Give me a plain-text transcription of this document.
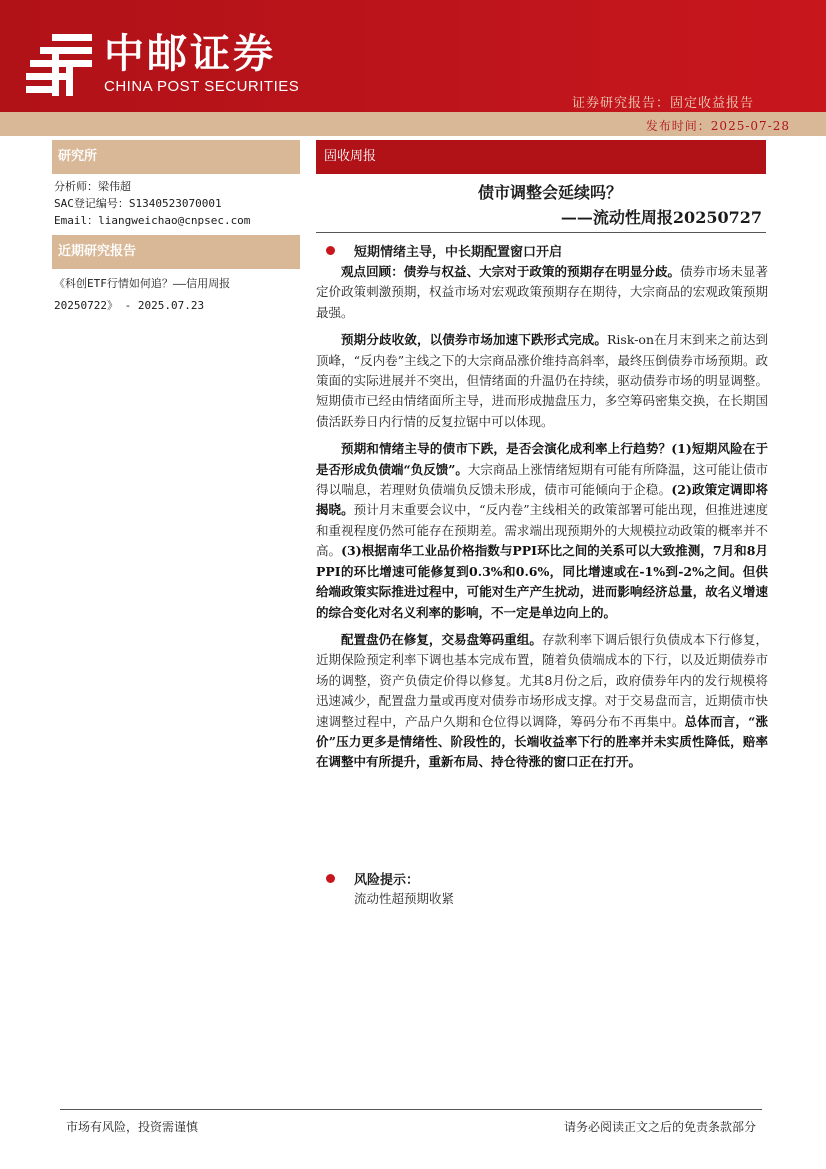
中邮证券
CHINA POST SECURITIES
证券研究报告：固定收益报告
发布时间：2025-07-28
研究所
分析师：梁伟超
SAC登记编号：S1340523070001
Email：liangweichao@cnpsec.com
近期研究报告
《科创ETF行情如何追？——信用周报
20250722》 - 2025.07.23
固收周报
债市调整会延续吗？
——流动性周报20250727
短期情绪主导，中长期配置窗口开启

观点回顾：债券与权益、大宗对于政策的预期存在明显分歧。债券市场未显著定价政策刺激预期，权益市场对宏观政策预期存在期待，大宗商品的宏观政策预期最强。

预期分歧收敛，以债券市场加速下跌形式完成。Risk-on在月末到来之前达到顶峰，“反内卷”主线之下的大宗商品涨价维持高斜率，最终压倒债券市场预期。政策面的实际进展并不突出，但情绪面的升温仍在持续，驱动债券市场的明显调整。短期债市已经由情绪面所主导，进而形成抛盘压力，多空筹码密集交换，在长期国债活跃券日内行情的反复拉锯中可以体现。

预期和情绪主导的债市下跌，是否会演化成利率上行趋势？(1)短期风险在于是否形成负债端“负反馈”。大宗商品上涨情绪短期有可能有所降温，这可能让债市得以喘息，若理财负债端负反馈未形成，债市可能倾向于企稳。(2)政策定调即将揭晓。预计月末重要会议中，“反内卷”主线相关的政策部署可能出现，但推进速度和重视程度仍然可能存在预期差。需求端出现预期外的大规模拉动政策的概率并不高。(3)根据南华工业品价格指数与PPI环比之间的关系可以大致推测，7月和8月PPI的环比增速可能修复到0.3%和0.6%，同比增速或在-1%到-2%之间。但供给端政策实际推进过程中，可能对生产产生扰动，进而影响经济总量，故名义增速的综合变化对名义利率的影响，不一定是单边向上的。

配置盘仍在修复，交易盘筹码重组。存款利率下调后银行负债成本下行修复，近期保险预定利率下调也基本完成布置，随着负债端成本的下行，以及近期债券市场的调整，资产负债定价得以修复。尤其8月份之后，政府债券年内的发行规模将迅速减少，配置盘力量或再度对债券市场形成支撑。对于交易盘而言，近期债市快速调整过程中，产品户久期和仓位得以调降，筹码分布不再集中。总体而言，“涨价”压力更多是情绪性、阶段性的，长端收益率下行的胜率并未实质性降低，赔率在调整中有所提升，重新布局、持仓待涨的窗口正在打开。

风险提示：
流动性超预期收紧
市场有风险，投资需谨慎	请务必阅读正文之后的免责条款部分
